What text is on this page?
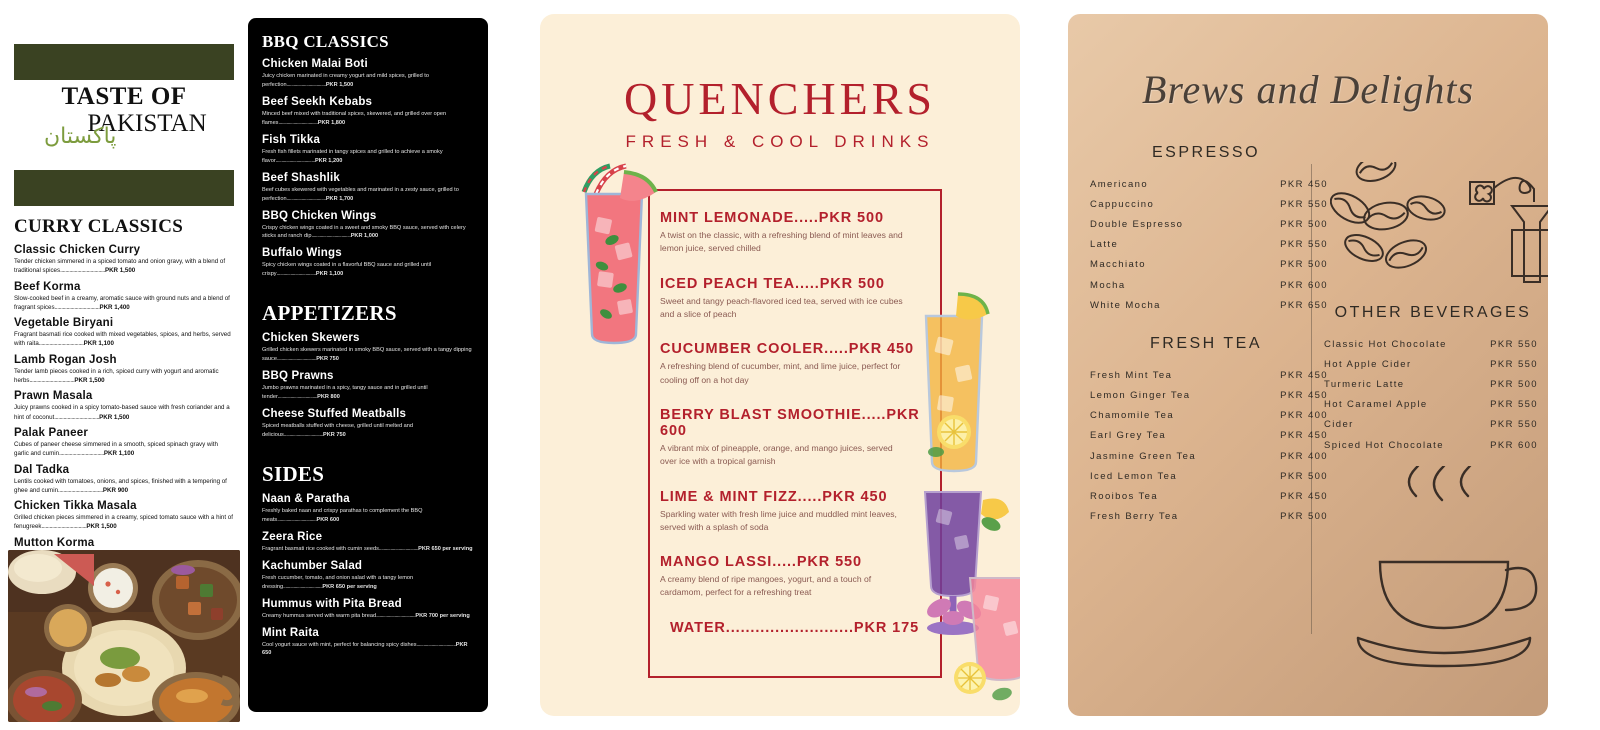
TASTE OF
PAKISTAN
پاکستان
CURRY CLASSICS
Classic Chicken Curry
Tender chicken simmered in a spiced tomato and onion gravy, with a blend of traditional spices..................................PKR 1,500
Beef Korma
Slow-cooked beef in a creamy, aromatic sauce with ground nuts and a blend of fragrant spices..................................PKR 1,400
Vegetable Biryani
Fragrant basmati rice cooked with mixed vegetables, spices, and herbs, served with raita..................................PKR 1,100
Lamb Rogan Josh
Tender lamb pieces cooked in a rich, spiced curry with yogurt and aromatic herbs..................................PKR 1,500
Prawn Masala
Juicy prawns cooked in a spicy tomato-based sauce with fresh coriander and a hint of coconut..................................PKR 1,500
Palak Paneer
Cubes of paneer cheese simmered in a smooth, spiced spinach gravy with garlic and cumin..................................PKR 1,100
Dal Tadka
Lentils cooked with tomatoes, onions, and spices, finished with a tempering of ghee and cumin..................................PKR 900
Chicken Tikka Masala
Grilled chicken pieces simmered in a creamy, spiced tomato sauce with a hint of fenugreek..................................PKR 1,500
Mutton Korma
BBQ CLASSICS
Chicken Malai Boti
Juicy chicken marinated in creamy yogurt and mild spices, grilled to perfection..................................PKR 1,500
Beef Seekh Kebabs
Minced beef mixed with traditional spices, skewered, and grilled over open flames..................................PKR 1,800
Fish Tikka
Fresh fish fillets marinated in tangy spices and grilled to achieve a smoky flavor..................................PKR 1,200
Beef Shashlik
Beef cubes skewered with vegetables and marinated in a zesty sauce, grilled to perfection..................................PKR 1,700
BBQ Chicken Wings
Crispy chicken wings coated in a sweet and smoky BBQ sauce, served with celery sticks and ranch dip..................................PKR 1,000
Buffalo Wings
Spicy chicken wings coated in a flavorful BBQ sauce and grilled until crispy..................................PKR 1,100
APPETIZERS
Chicken Skewers
Grilled chicken skewers marinated in smoky BBQ sauce, served with a tangy dipping sauce..................................PKR 750
BBQ Prawns
Jumbo prawns marinated in a spicy, tangy sauce and in grilled until tender..................................PKR 800
Cheese Stuffed Meatballs
Spiced meatballs stuffed with cheese, grilled until melted and delicious..................................PKR 750
SIDES
Naan & Paratha
Freshly baked naan and crispy parathas to complement the BBQ meats..................................PKR 600
Zeera Rice
Fragrant basmati rice cooked with cumin seeds..................................PKR 650 per serving
Kachumber Salad
Fresh cucumber, tomato, and onion salad with a tangy lemon dressing..................................PKR 650 per serving
Hummus with Pita Bread
Creamy hummus served with warm pita bread..................................PKR 700 per serving
Mint Raita
Cool yogurt sauce with mint, perfect for balancing spicy dishes..................................PKR 650
QUENCHERS
FRESH & COOL DRINKS
MINT LEMONADE.....PKR 500
A twist on the classic, with a refreshing blend of mint leaves and lemon juice, served chilled
ICED PEACH TEA.....PKR 500
Sweet and tangy peach-flavored iced tea, served with ice cubes and a slice of peach
CUCUMBER COOLER.....PKR 450
A refreshing blend of cucumber, mint, and lime juice, perfect for cooling off on a hot day
BERRY BLAST SMOOTHIE.....PKR 600
A vibrant mix of pineapple, orange, and mango juices, served over ice with a tropical garnish
LIME & MINT FIZZ.....PKR 450
Sparkling water with fresh lime juice and muddled mint leaves, served with a splash of soda
MANGO LASSI.....PKR 550
A creamy blend of ripe mangoes, yogurt, and a touch of cardamom, perfect for a refreshing treat
WATER..........................PKR 175
Brews and Delights
ESPRESSO
Americano	PKR 450
Cappuccino	PKR 550
Double Espresso	PKR 500
Latte	PKR 550
Macchiato	PKR 500
Mocha	PKR 600
White Mocha	PKR 650
FRESH TEA
Fresh Mint Tea	PKR 450
Lemon Ginger Tea	PKR 450
Chamomile Tea	PKR 400
Earl Grey Tea	PKR 450
Jasmine Green Tea	PKR 400
Iced Lemon Tea	PKR 500
Rooibos Tea	PKR 450
Fresh Berry Tea	PKR 500
OTHER BEVERAGES
Classic Hot Chocolate	PKR 550
Hot Apple Cider	PKR 550
Turmeric Latte	PKR 500
Hot Caramel Apple	PKR 550
Cider	PKR 550
Spiced Hot Chocolate	PKR 600
